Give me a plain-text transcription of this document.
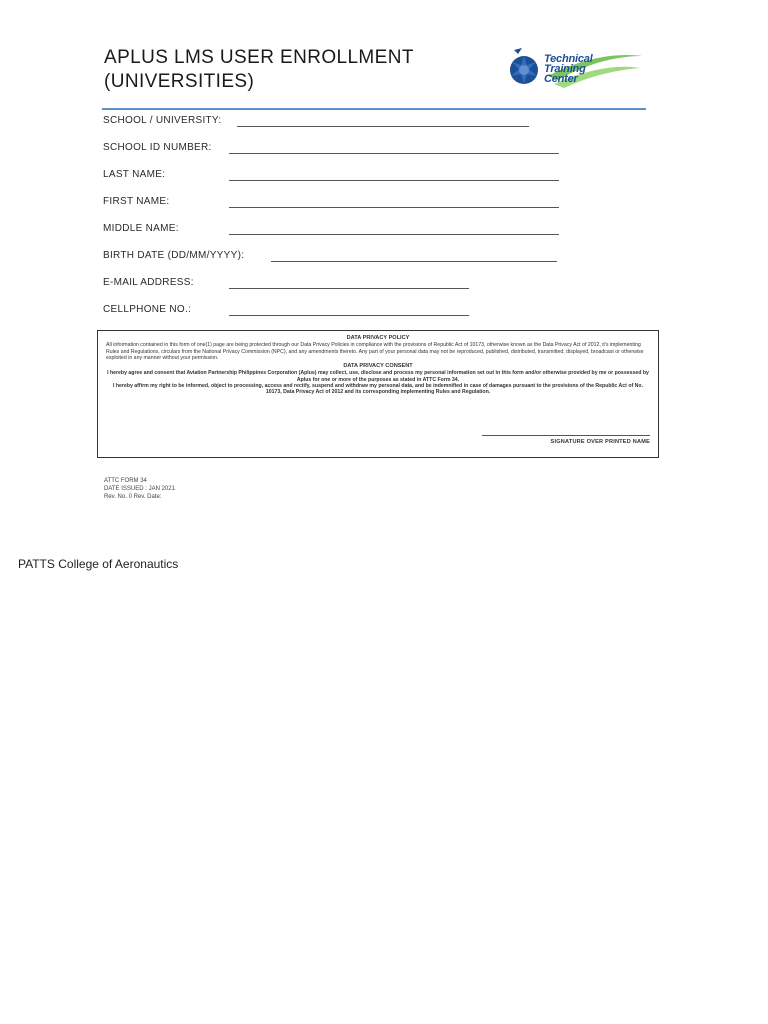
APLUS LMS USER ENROLLMENT
(UNIVERSITIES)
Technical
Training
Center
SCHOOL / UNIVERSITY:
SCHOOL ID NUMBER:
LAST NAME:
FIRST NAME:
MIDDLE NAME:
BIRTH DATE (DD/MM/YYYY):
E-MAIL ADDRESS:
CELLPHONE NO.:
DATA PRIVACY POLICY

All information contained in this form of one(1) page are being protected through our Data Privacy Policies in compliance with the provisions of Republic Act of 10173, otherwise known as the Data Privacy Act of 2012, it's implementing Rules and Regulations, circulars from the National Privacy Commission (NPC), and any amendments thereto. Any part of your personal data may not be reproduced, published, distributed, transmitted, displayed, broadcast or otherwise exploited in any manner without your permission.

DATA PRIVACY CONSENT

I hereby agree and consent that Aviation Partnership Philippines Corporation (Aplus) may collect, use, disclose and process my personal information set out in this form and/or otherwise provided by me or possessed by Aplus for one or more of the purposes as stated in ATTC Form 34.

I hereby affirm my right to be informed, object to processing, access and rectify, suspend and withdraw my personal data, and be indemnified in case of damages pursuant to the provisions of the Republic Act of No. 10173, Data Privacy Act of 2012 and its corresponding implementing Rules and Regulation.

SIGNATURE OVER PRINTED NAME
ATTC FORM 34
DATE ISSUED : JAN 2021
Rev. No. 0 Rev. Date:

PATTS College of Aeronautics
